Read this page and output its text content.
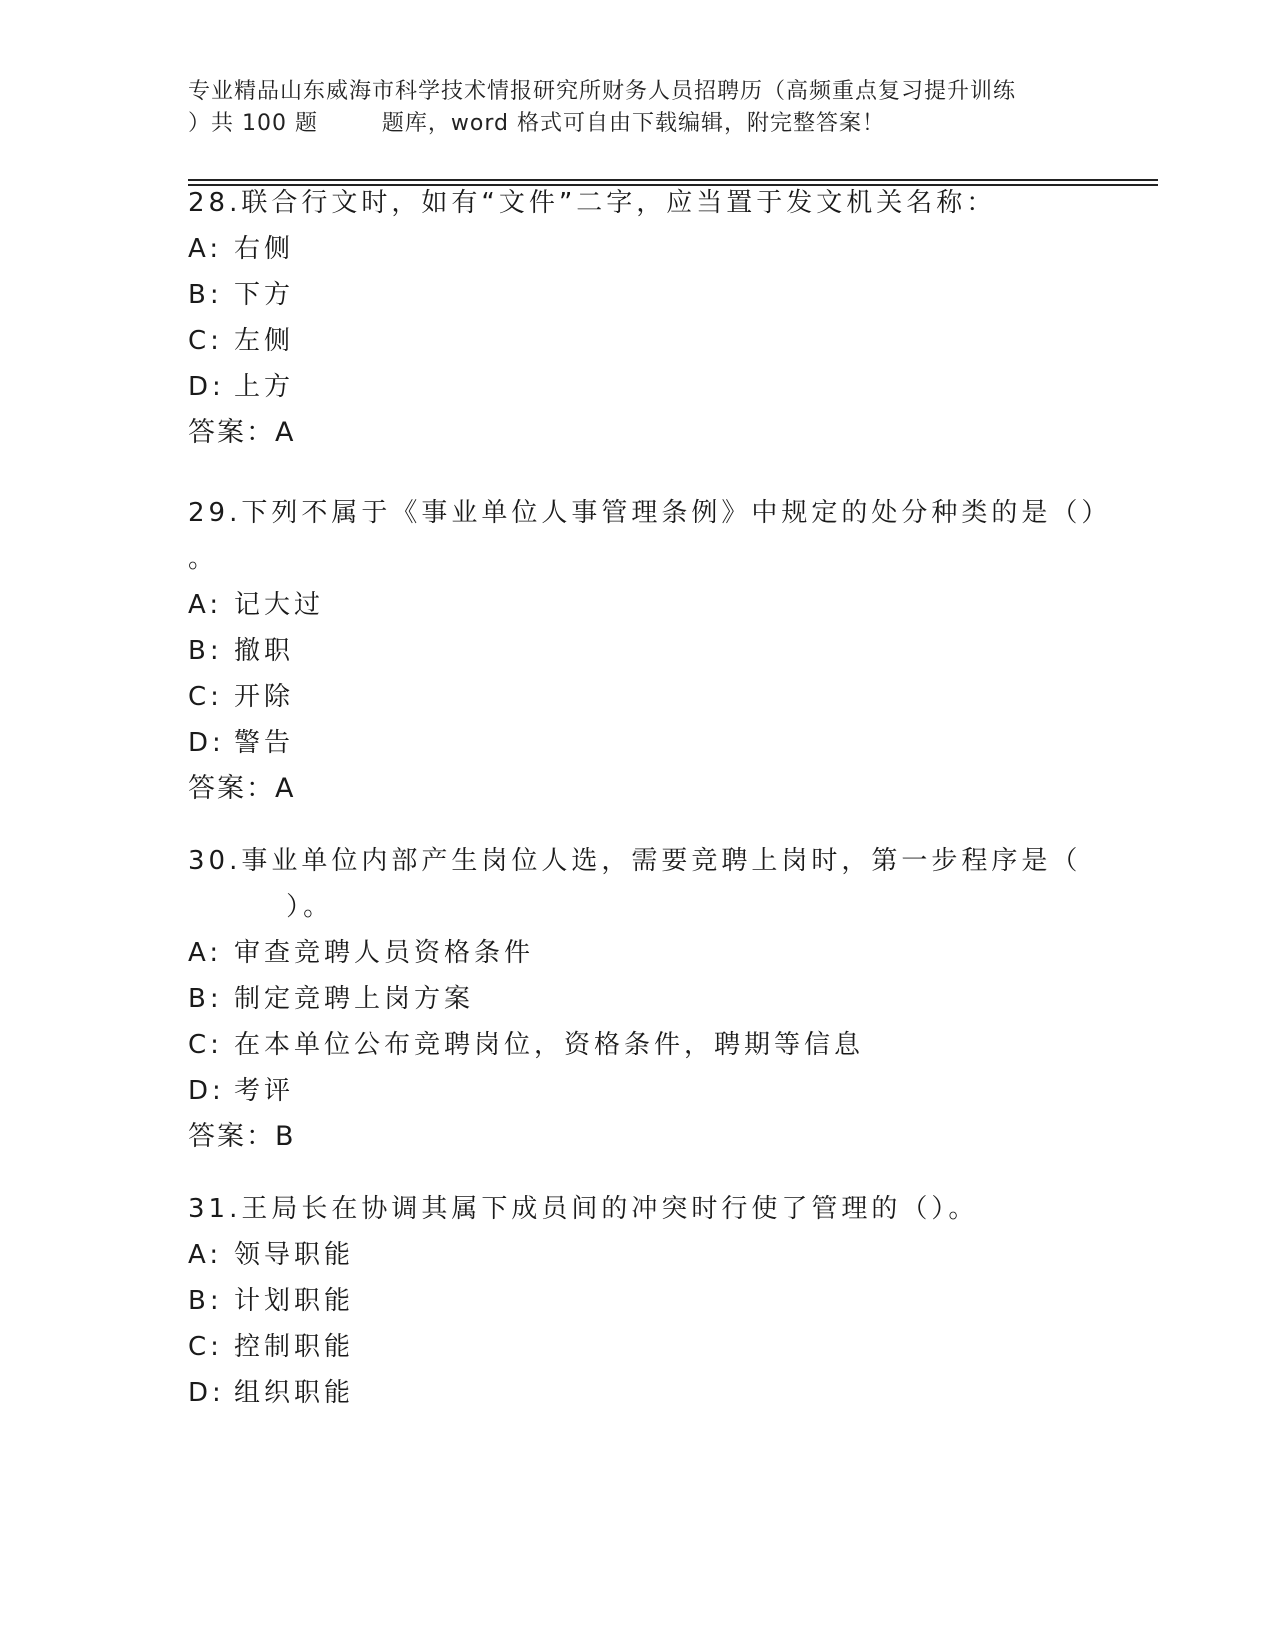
专业精品山东威海市科学技术情报研究所财务人员招聘历（高频重点复习提升训练
）共 100 题        题库，word 格式可自由下载编辑，附完整答案！
28.联合行文时，如有“文件”二字，应当置于发文机关名称：
A: 右侧
B: 下方
C: 左侧
D: 上方
答案：A
29.下列不属于《事业单位人事管理条例》中规定的处分种类的是（）
。
A: 记大过
B: 撤职
C: 开除
D: 警告
答案：A
30.事业单位内部产生岗位人选，需要竞聘上岗时，第一步程序是（
）。
A: 审查竞聘人员资格条件
B: 制定竞聘上岗方案
C: 在本单位公布竞聘岗位，资格条件，聘期等信息
D: 考评
答案：B
31.王局长在协调其属下成员间的冲突时行使了管理的（）。
A: 领导职能
B: 计划职能
C: 控制职能
D: 组织职能
